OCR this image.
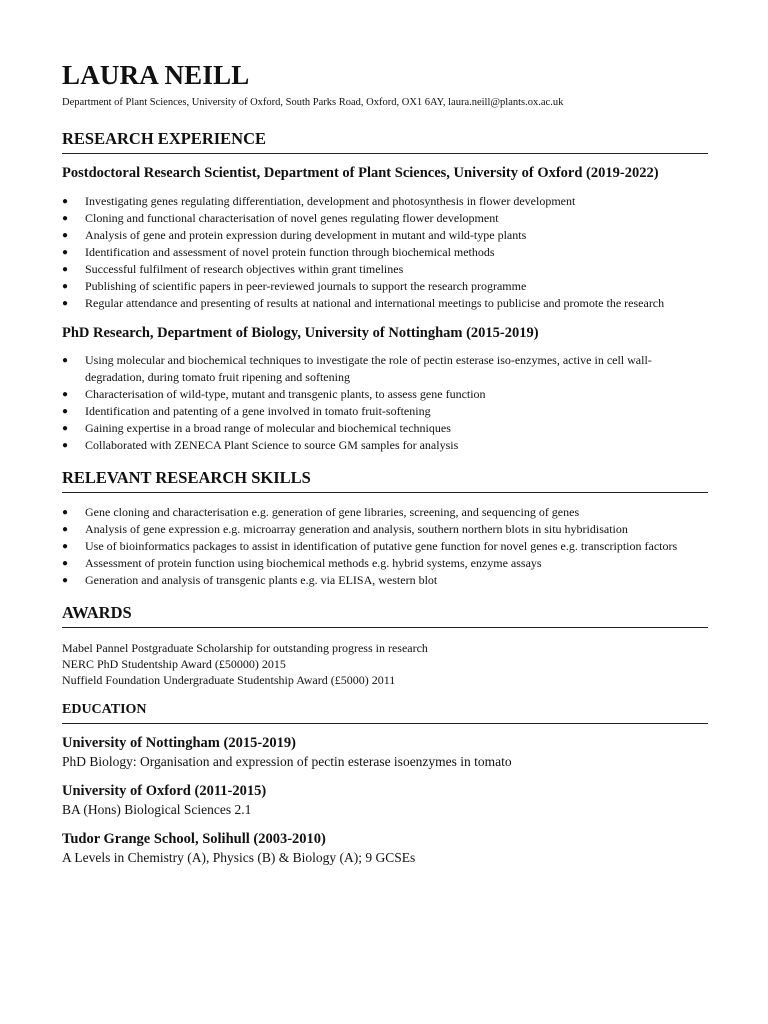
LAURA NEILL
Department of Plant Sciences, University of Oxford, South Parks Road, Oxford, OX1 6AY, laura.neill@plants.ox.ac.uk
RESEARCH EXPERIENCE
Postdoctoral Research Scientist, Department of Plant Sciences, University of Oxford (2019-2022)
● Investigating genes regulating differentiation, development and photosynthesis in flower development
● Cloning and functional characterisation of novel genes regulating flower development
● Analysis of gene and protein expression during development in mutant and wild-type plants
● Identification and assessment of novel protein function through biochemical methods
● Successful fulfilment of research objectives within grant timelines
● Publishing of scientific papers in peer-reviewed journals to support the research programme
● Regular attendance and presenting of results at national and international meetings to publicise and promote the research
PhD Research, Department of Biology, University of Nottingham (2015-2019)
● Using molecular and biochemical techniques to investigate the role of pectin esterase iso-enzymes, active in cell wall-degradation, during tomato fruit ripening and softening
● Characterisation of wild-type, mutant and transgenic plants, to assess gene function
● Identification and patenting of a gene involved in tomato fruit-softening
● Gaining expertise in a broad range of molecular and biochemical techniques
● Collaborated with ZENECA Plant Science to source GM samples for analysis
RELEVANT RESEARCH SKILLS
● Gene cloning and characterisation e.g. generation of gene libraries, screening, and sequencing of genes
● Analysis of gene expression e.g. microarray generation and analysis, southern northern blots in situ hybridisation
● Use of bioinformatics packages to assist in identification of putative gene function for novel genes e.g. transcription factors
● Assessment of protein function using biochemical methods e.g. hybrid systems, enzyme assays
● Generation and analysis of transgenic plants e.g. via ELISA, western blot
AWARDS
Mabel Pannel Postgraduate Scholarship for outstanding progress in research
NERC PhD Studentship Award (£50000) 2015
Nuffield Foundation Undergraduate Studentship Award (£5000) 2011
EDUCATION
University of Nottingham (2015-2019)
PhD Biology: Organisation and expression of pectin esterase isoenzymes in tomato
University of Oxford (2011-2015)
BA (Hons) Biological Sciences 2.1
Tudor Grange School, Solihull (2003-2010)
A Levels in Chemistry (A), Physics (B) & Biology (A); 9 GCSEs
